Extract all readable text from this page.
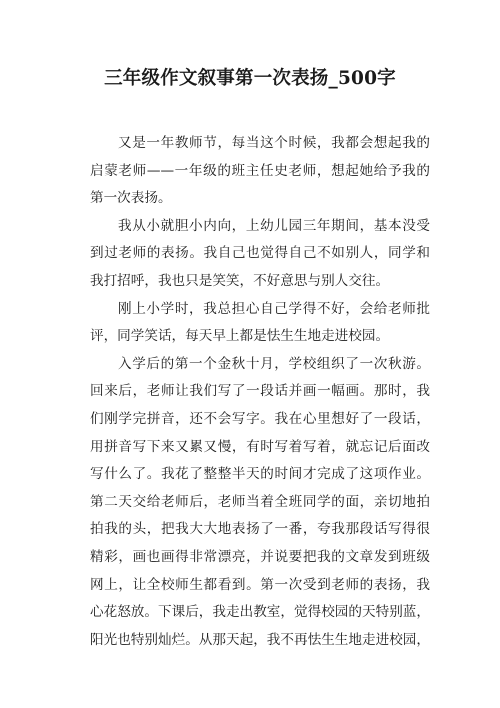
三年级作文叙事第一次表扬_500字
又是一年教师节，每当这个时候，我都会想起我的
启蒙老师——一年级的班主任史老师，想起她给予我的
第一次表扬。
我从小就胆小内向，上幼儿园三年期间，基本没受
到过老师的表扬。我自己也觉得自己不如别人，同学和
我打招呼，我也只是笑笑，不好意思与别人交往。
刚上小学时，我总担心自己学得不好，会给老师批
评，同学笑话，每天早上都是怯生生地走进校园。
入学后的第一个金秋十月，学校组织了一次秋游。
回来后，老师让我们写了一段话并画一幅画。那时，我
们刚学完拼音，还不会写字。我在心里想好了一段话，
用拼音写下来又累又慢，有时写着写着，就忘记后面改
写什么了。我花了整整半天的时间才完成了这项作业。
第二天交给老师后，老师当着全班同学的面，亲切地拍
拍我的头，把我大大地表扬了一番，夸我那段话写得很
精彩，画也画得非常漂亮，并说要把我的文章发到班级
网上，让全校师生都看到。第一次受到老师的表扬，我
心花怒放。下课后，我走出教室，觉得校园的天特别蓝，
阳光也特别灿烂。从那天起，我不再怯生生地走进校园，
